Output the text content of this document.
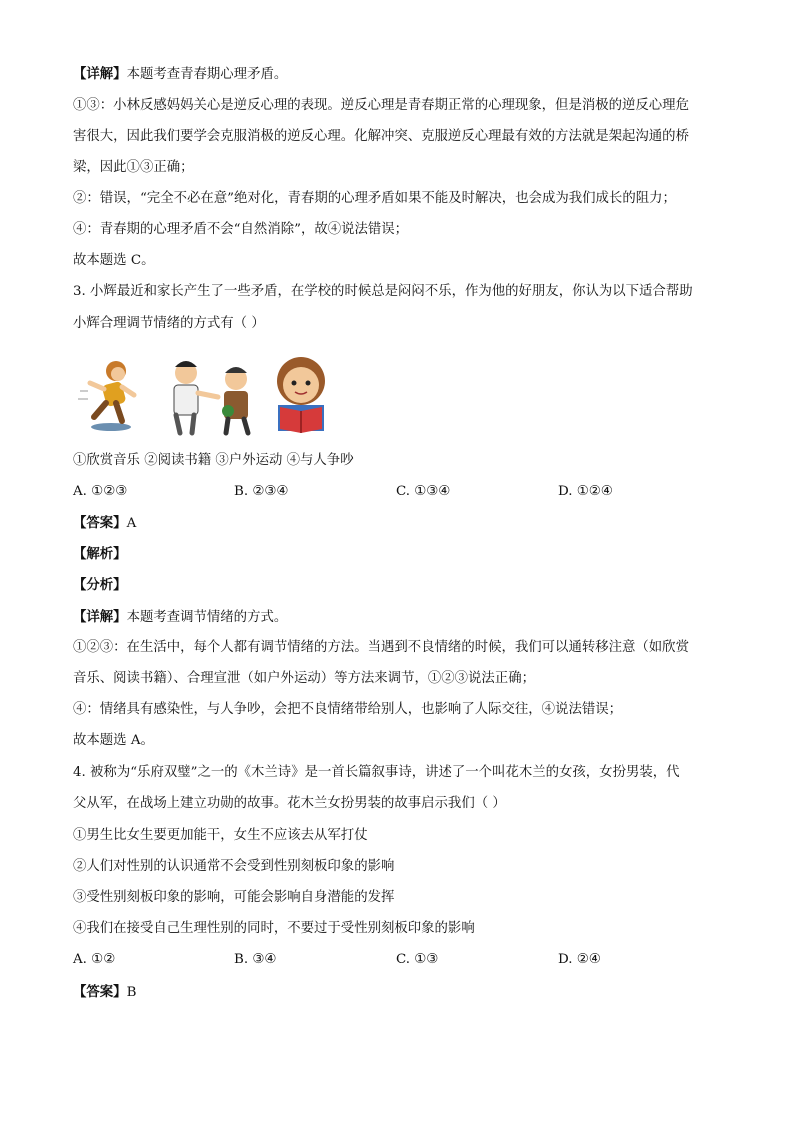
【详解】本题考查青春期心理矛盾。
①③：小林反感妈妈关心是逆反心理的表现。逆反心理是青春期正常的心理现象，但是消极的逆反心理危
害很大，因此我们要学会克服消极的逆反心理。化解冲突、克服逆反心理最有效的方法就是架起沟通的桥
梁，因此①③正确；
②：错误，“完全不必在意”绝对化，青春期的心理矛盾如果不能及时解决，也会成为我们成长的阻力；
④：青春期的心理矛盾不会“自然消除”，故④说法错误；
故本题选 C。
3. 小辉最近和家长产生了一些矛盾，在学校的时候总是闷闷不乐，作为他的好朋友，你认为以下适合帮助
小辉合理调节情绪的方式有（ ）
①欣赏音乐 ②阅读书籍 ③户外运动 ④与人争吵
A. ①②③	B. ②③④	C. ①③④	D. ①②④
【答案】A
【解析】
【分析】
【详解】本题考查调节情绪的方式。
①②③：在生活中，每个人都有调节情绪的方法。当遇到不良情绪的时候，我们可以通转移注意（如欣赏
音乐、阅读书籍）、合理宣泄（如户外运动）等方法来调节，①②③说法正确；
④：情绪具有感染性，与人争吵，会把不良情绪带给别人，也影响了人际交往，④说法错误；
故本题选 A。
4. 被称为“乐府双璧”之一的《木兰诗》是一首长篇叙事诗，讲述了一个叫花木兰的女孩，女扮男装，代
父从军，在战场上建立功勋的故事。花木兰女扮男装的故事启示我们（ ）
①男生比女生要更加能干，女生不应该去从军打仗
②人们对性别的认识通常不会受到性别刻板印象的影响
③受性别刻板印象的影响，可能会影响自身潜能的发挥
④我们在接受自己生理性别的同时，不要过于受性别刻板印象的影响
A. ①②	B. ③④	C. ①③	D. ②④
【答案】B
